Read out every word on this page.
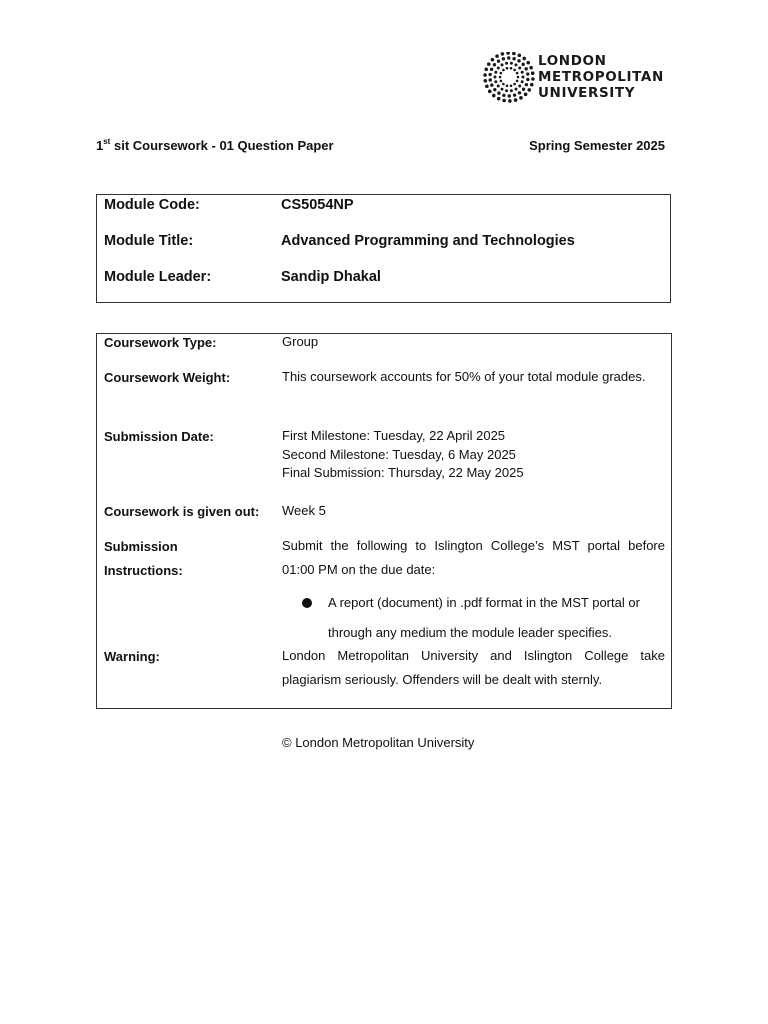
LONDON
METROPOLITAN
UNIVERSITY
1st sit Coursework - 01 Question Paper	Spring Semester 2025
Module Code:	CS5054NP
Module Title:	Advanced Programming and Technologies
Module Leader:	Sandip Dhakal
Coursework Type:	Group
Coursework Weight:	This coursework accounts for 50% of your total module grades.
Submission Date:	First Milestone: Tuesday, 22 April 2025
Second Milestone: Tuesday, 6 May 2025
Final Submission: Thursday, 22 May 2025
Coursework is given out: Week 5
Submission
Instructions:
Submit the following to Islington College’s MST portal before 01:00 PM on the due date:
A report (document) in .pdf format in the MST portal or through any medium the module leader specifies.
Warning:	London Metropolitan University and Islington College take plagiarism seriously. Offenders will be dealt with sternly.
© London Metropolitan University
